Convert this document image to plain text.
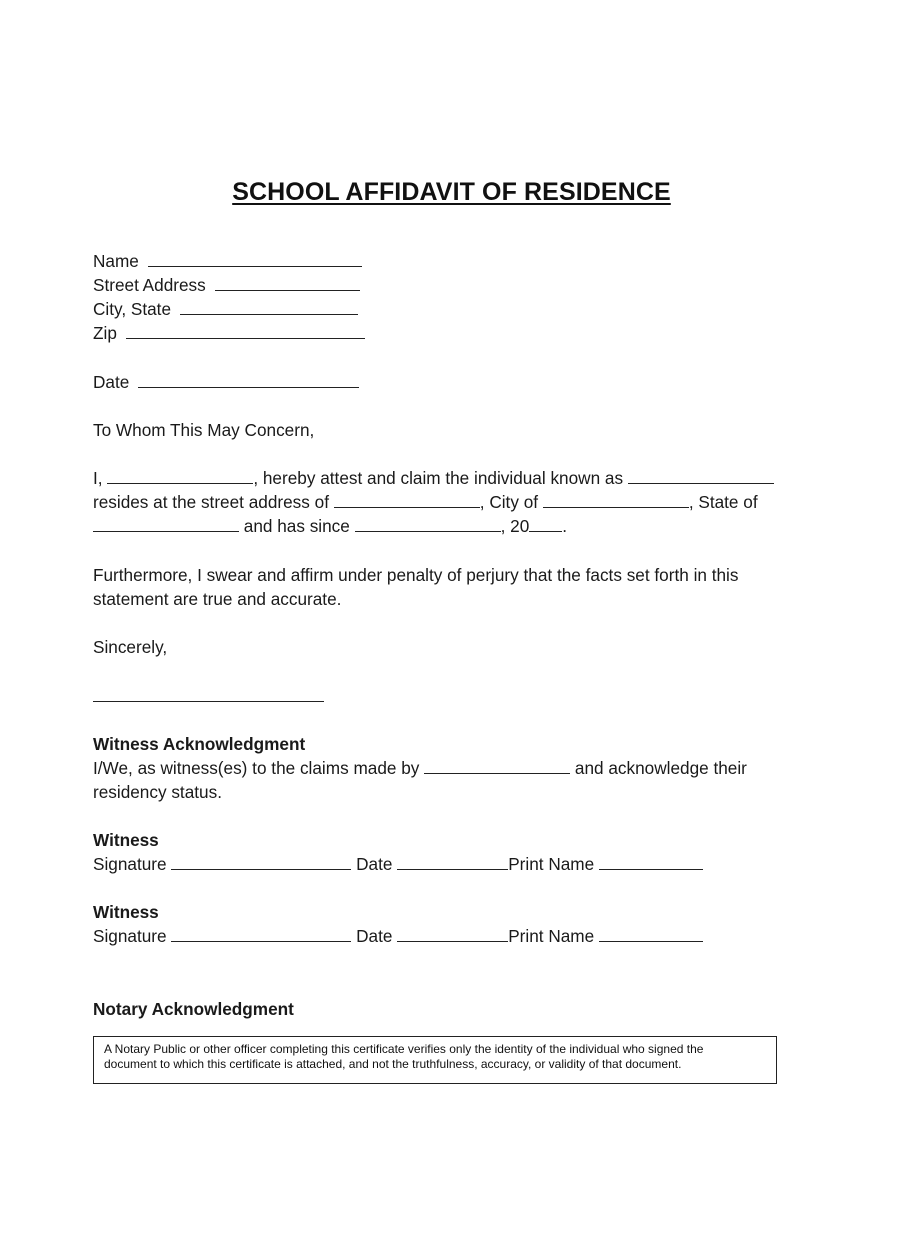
SCHOOL AFFIDAVIT OF RESIDENCE
Name
Street Address
City, State
Zip
Date
To Whom This May Concern,
I,	, hereby attest and claim the individual known as
resides at the street address of	, City of	, State of
and has since	, 20 .
Furthermore, I swear and affirm under penalty of perjury that the facts set forth in this
statement are true and accurate.
Sincerely,
Witness Acknowledgment
I/We, as witness(es) to the claims made by	and acknowledge their
residency status.
Witness
Signature	Date	Print Name
Witness
Signature	Date	Print Name
Notary Acknowledgment
A Notary Public or other officer completing this certificate verifies only the identity of the individual who signed the
document to which this certificate is attached, and not the truthfulness, accuracy, or validity of that document.
